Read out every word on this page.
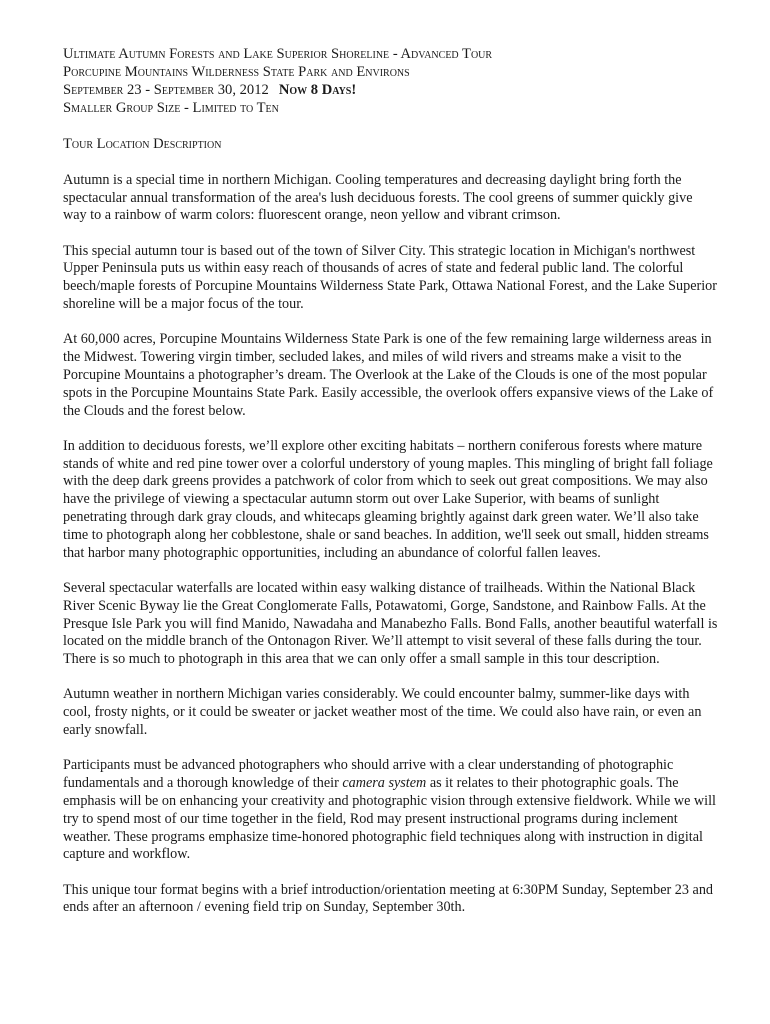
Ultimate Autumn Forests and Lake Superior Shoreline - Advanced Tour
Porcupine Mountains Wilderness State Park and Environs
September 23 - September 30, 2012 Now 8 Days!
Smaller Group Size - Limited to Ten
Tour Location Description

Autumn is a special time in northern Michigan. Cooling temperatures and decreasing daylight bring forth the spectacular annual transformation of the area's lush deciduous forests. The cool greens of summer quickly give way to a rainbow of warm colors: fluorescent orange, neon yellow and vibrant crimson.

This special autumn tour is based out of the town of Silver City. This strategic location in Michigan's northwest Upper Peninsula puts us within easy reach of thousands of acres of state and federal public land. The colorful beech/maple forests of Porcupine Mountains Wilderness State Park, Ottawa National Forest, and the Lake Superior shoreline will be a major focus of the tour.

At 60,000 acres, Porcupine Mountains Wilderness State Park is one of the few remaining large wilderness areas in the Midwest. Towering virgin timber, secluded lakes, and miles of wild rivers and streams make a visit to the Porcupine Mountains a photographer’s dream. The Overlook at the Lake of the Clouds is one of the most popular spots in the Porcupine Mountains State Park. Easily accessible, the overlook offers expansive views of the Lake of the Clouds and the forest below.

In addition to deciduous forests, we’ll explore other exciting habitats – northern coniferous forests where mature stands of white and red pine tower over a colorful understory of young maples. This mingling of bright fall foliage with the deep dark greens provides a patchwork of color from which to seek out great compositions. We may also have the privilege of viewing a spectacular autumn storm out over Lake Superior, with beams of sunlight penetrating through dark gray clouds, and whitecaps gleaming brightly against dark green water. We’ll also take time to photograph along her cobblestone, shale or sand beaches. In addition, we'll seek out small, hidden streams that harbor many photographic opportunities, including an abundance of colorful fallen leaves.

Several spectacular waterfalls are located within easy walking distance of trailheads. Within the National Black River Scenic Byway lie the Great Conglomerate Falls, Potawatomi, Gorge, Sandstone, and Rainbow Falls. At the Presque Isle Park you will find Manido, Nawadaha and Manabezho Falls. Bond Falls, another beautiful waterfall is located on the middle branch of the Ontonagon River. We’ll attempt to visit several of these falls during the tour. There is so much to photograph in this area that we can only offer a small sample in this tour description.

Autumn weather in northern Michigan varies considerably. We could encounter balmy, summer-like days with cool, frosty nights, or it could be sweater or jacket weather most of the time. We could also have rain, or even an early snowfall.

Participants must be advanced photographers who should arrive with a clear understanding of photographic fundamentals and a thorough knowledge of their camera system as it relates to their photographic goals. The emphasis will be on enhancing your creativity and photographic vision through extensive fieldwork. While we will try to spend most of our time together in the field, Rod may present instructional programs during inclement weather. These programs emphasize time-honored photographic field techniques along with instruction in digital capture and workflow.

This unique tour format begins with a brief introduction/orientation meeting at 6:30PM Sunday, September 23 and ends after an afternoon / evening field trip on Sunday, September 30th.
